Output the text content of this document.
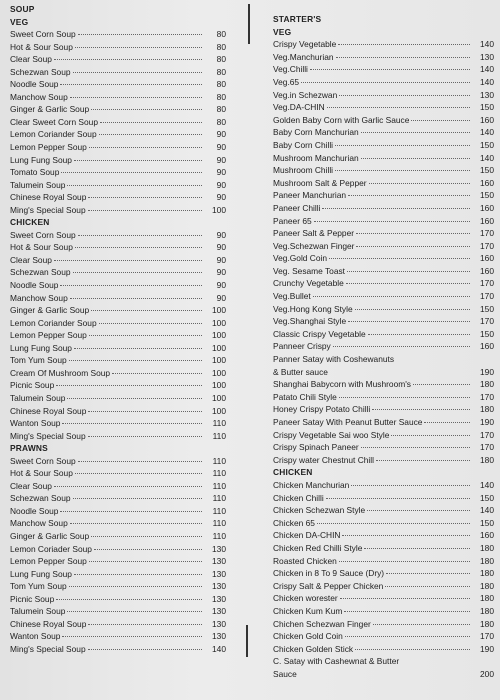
SOUP
VEG
Sweet Corn Soup	80
Hot & Sour Soup	80
Clear Soup	80
Schezwan Soup	80
Noodle Soup	80
Manchow Soup	80
Ginger & Garlic Soup	80
Clear Sweet Corn Soup	80
Lemon Coriander Soup	90
Lemon Pepper Soup	90
Lung Fung Soup	90
Tomato Soup	90
Talumein Soup	90
Chinese Royal Soup	90
Ming's Special Soup	100
CHICKEN
Sweet Corn Soup	90
Hot & Sour Soup	90
Clear Soup	90
Schezwan Soup	90
Noodle Soup	90
Manchow Soup	90
Ginger & Garlic Soup	100
Lemon Coriander Soup	100
Lemon Pepper Soup	100
Lung Fung Soup	100
Tom Yum Soup	100
Cream Of Mushroom Soup	100
Picnic Soup	100
Talumein Soup	100
Chinese Royal Soup	100
Wanton Soup	110
Ming's Special Soup	110
PRAWNS
Sweet Corn Soup	110
Hot & Sour Soup	110
Clear Soup	110
Schezwan Soup	110
Noodle Soup	110
Manchow Soup	110
Ginger & Garlic Soup	110
Lemon Coriader Soup	130
Lemon Pepper Soup	130
Lung Fung Soup	130
Tom Yum Soup	130
Picnic Soup	130
Talumein Soup	130
Chinese Royal Soup	130
Wanton Soup	130
Ming's Special Soup	140
STARTER'S
VEG
Crispy Vegetable	140
Veg.Manchurian	130
Veg.Chilli	140
Veg.65	140
Veg.in Schezwan	130
Veg.DA-CHIN	150
Golden Baby Corn with Garlic Sauce	160
Baby Corn Manchurian	140
Baby Corn Chilli	150
Mushroom Manchurian	140
Mushroom Chilli	150
Mushroom Salt & Pepper	160
Paneer Manchurian	150
Paneer Chilli	160
Paneer 65	160
Paneer Salt & Pepper	170
Veg.Schezwan Finger	170
Veg.Gold Coin	160
Veg. Sesame Toast	160
Crunchy Vegetable	170
Veg.Bullet	170
Veg.Hong Kong Style	150
Veg.Shanghai Style	170
Classic Crispy Vegetable	150
Panneer Crispy	160
Panner Satay with Coshewanuts
& Butter sauce	190
Shanghai Babycorn with Mushroom's	180
Patato Chili Style	170
Honey Crispy Potato Chilli	180
Paneer Satay With Peanut Butter Sauce	190
Crispy Vegetable Sai woo Style	170
Crispy Spinach Paneer	170
Crispy water Chestnut Chill	180
CHICKEN
Chicken Manchurian	140
Chicken Chilli	150
Chicken Schezwan Style	140
Chicken 65	150
Chicken DA-CHIN	160
Chicken Red Chilli Style	180
Roasted Chicken	180
Chicken in 8 To 9 Sauce (Dry)	180
Crispy Salt & Pepper Chicken	180
Chicken worester	180
Chicken Kum Kum	180
Chichen Schezwan Finger	180
Chicken Gold Coin	170
Chicken Golden Stick	190
C. Satay with Cashewnat & Butter
Sauce	200
